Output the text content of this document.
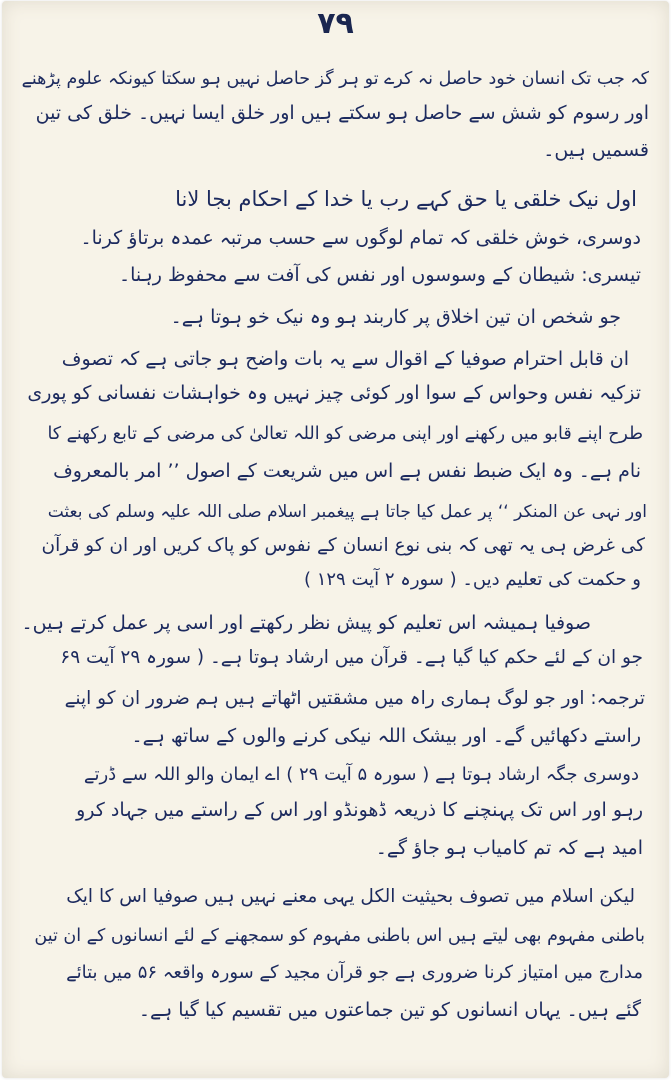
۷۹
کہ جب تک انسان خود حاصل نہ کرے تو ہر گز حاصل نہیں ہو سکتا کیونکہ علوم پڑھنے
اور رسوم کو شش سے حاصل ہو سکتے ہیں اور خلق ایسا نہیں۔ خلق کی تین
قسمیں ہیں۔
اول نیک خلقی یا حق کہے رب یا خدا کے احکام بجا لانا
دوسری، خوش خلقی کہ تمام لوگوں سے حسب مرتبہ عمدہ برتاؤ کرنا۔
تیسری: شیطان کے وسوسوں اور نفس کی آفت سے محفوظ رہنا۔
جو شخص ان تین اخلاق پر کاربند ہو وہ نیک خو ہوتا ہے۔
ان قابل احترام صوفیا کے اقوال سے یہ بات واضح ہو جاتی ہے کہ تصوف
تزکیہ نفس وحواس کے سوا اور کوئی چیز نہیں وہ خواہشات نفسانی کو پوری
طرح اپنے قابو میں رکھنے اور اپنی مرضی کو اللہ تعالیٰ کی مرضی کے تابع رکھنے کا
نام ہے۔ وہ ایک ضبط نفس ہے اس میں شریعت کے اصول ’’ امر بالمعروف
اور نہی عن المنکر ‘‘ پر عمل کیا جاتا ہے پیغمبر اسلام صلی اللہ علیہ وسلم کی بعثت
کی غرض ہی یہ تھی کہ بنی نوع انسان کے نفوس کو پاک کریں اور ان کو قرآن
و حکمت کی تعلیم دیں۔ ( سورہ ۲ آیت ۱۲۹ )
صوفیا ہمیشہ اس تعلیم کو پیش نظر رکھتے اور اسی پر عمل کرتے ہیں۔
جو ان کے لئے حکم کیا گیا ہے۔ قرآن میں ارشاد ہوتا ہے۔ ( سورہ ۲۹ آیت ۶۹
ترجمہ: اور جو لوگ ہماری راہ میں مشقتیں اٹھاتے ہیں ہم ضرور ان کو اپنے
راستے دکھائیں گے۔ اور بیشک اللہ نیکی کرنے والوں کے ساتھ ہے۔
دوسری جگہ ارشاد ہوتا ہے ( سورہ ۵ آیت ۲۹ ) اے ایمان والو اللہ سے ڈرتے
رہو اور اس تک پہنچنے کا ذریعہ ڈھونڈو اور اس کے راستے میں جہاد کرو
امید ہے کہ تم کامیاب ہو جاؤ گے۔
لیکن اسلام میں تصوف بحیثیت الکل یہی معنے نہیں ہیں صوفیا اس کا ایک
باطنی مفہوم بھی لیتے ہیں اس باطنی مفہوم کو سمجھنے کے لئے انسانوں کے ان تین
مدارج میں امتیاز کرنا ضروری ہے جو قرآن مجید کے سورہ واقعہ ۵۶ میں بتائے
گئے ہیں۔ یہاں انسانوں کو تین جماعتوں میں تقسیم کیا گیا ہے۔
